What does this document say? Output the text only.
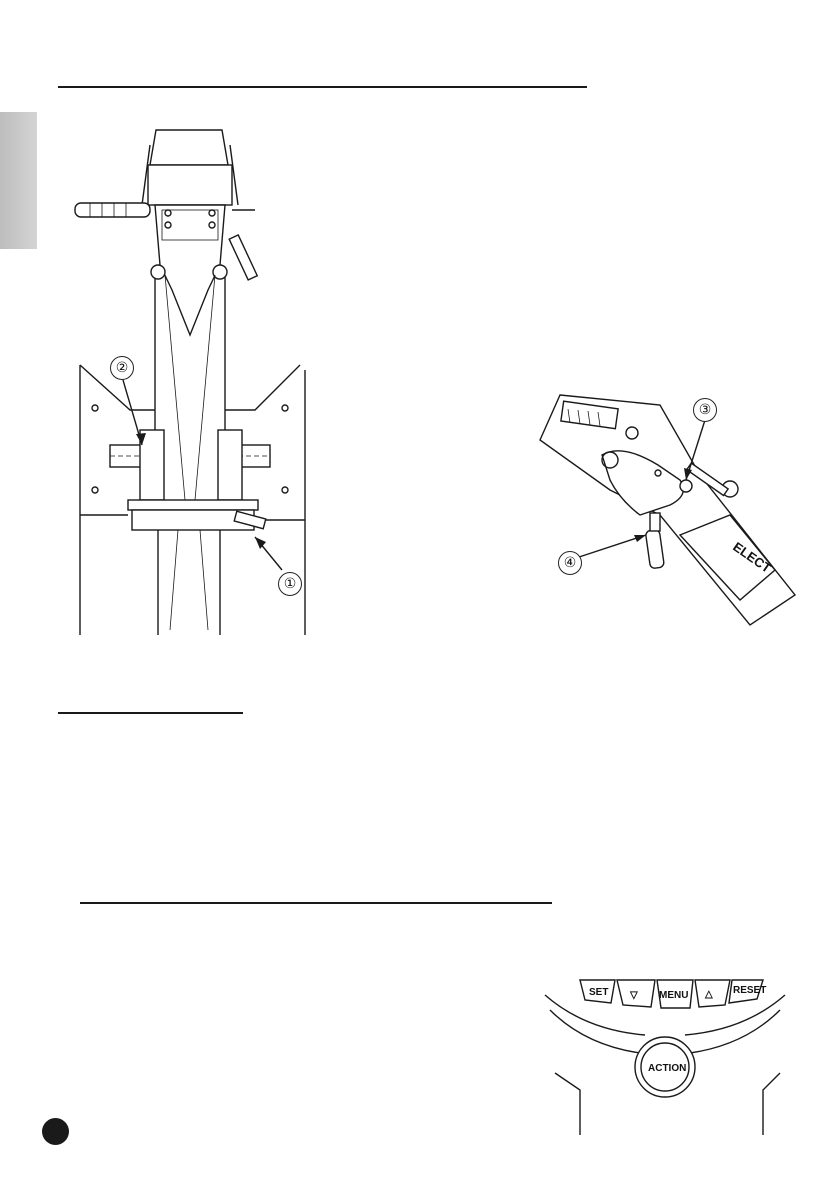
②
①
ELECT
③
④
SET ▽ MENU △ RESET
ACTION
